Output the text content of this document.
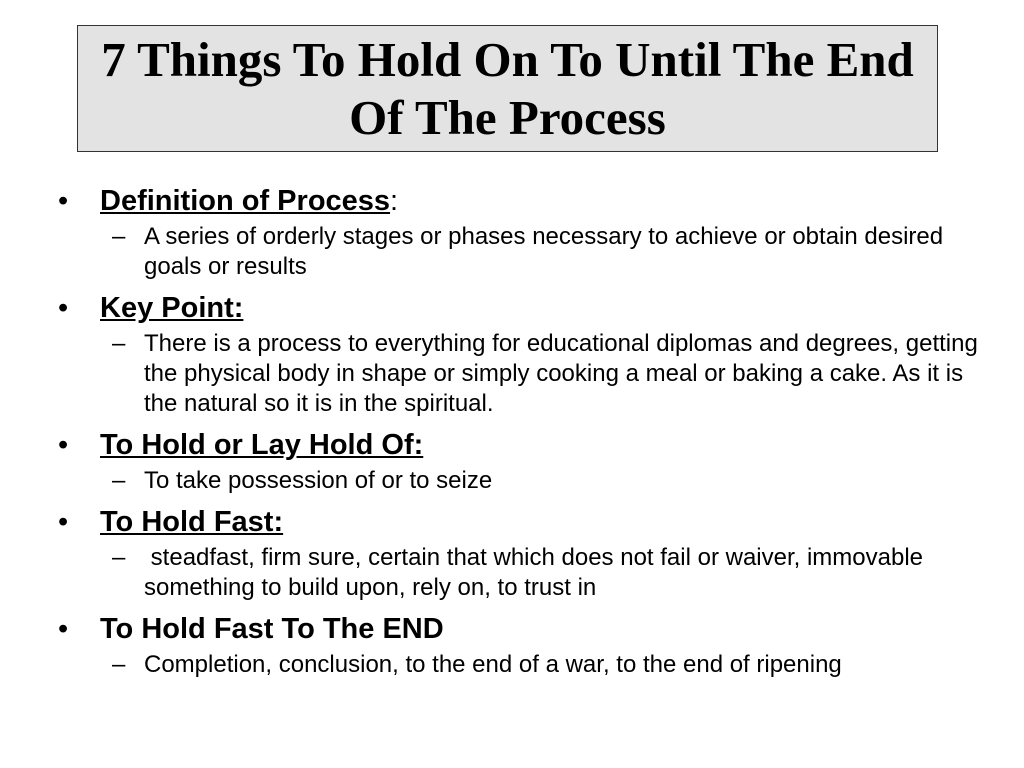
7 Things To Hold On To Until The End Of The Process
•	Definition of Process:
– A series of orderly stages or phases necessary to achieve or obtain desired goals or results
•	Key Point:
– There is a process to everything for educational diplomas and degrees, getting the physical body in shape or simply cooking a meal or baking a cake. As it is the natural so it is in the spiritual.
•	To Hold or Lay Hold Of:
– To take possession of or to seize
•	To Hold Fast:
– steadfast, firm sure, certain that which does not fail or waiver, immovable something to build upon, rely on, to trust in
•	To Hold Fast To The END
– Completion, conclusion, to the end of a war, to the end of ripening
